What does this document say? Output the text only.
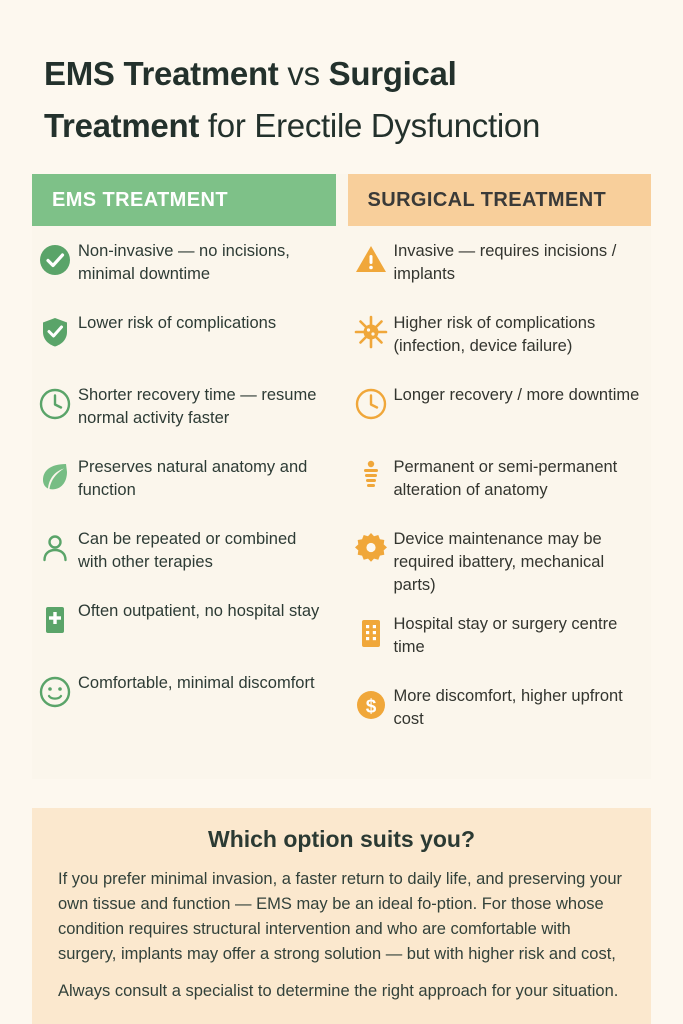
EMS Treatment vs Surgical
Treatment for Erectile Dysfunction
EMS TREATMENT	SURGICAL TREATMENT
Non-invasive — no incisions, minimal downtime
Lower risk of complications
Shorter recovery time — resume normal activity faster
Preserves natural anatomy and function
Can be repeated or combined with other terapies
Often outpatient, no hospital stay
Comfortable, minimal discomfort
Invasive — requires incisions / implants
Higher risk of complications (infection, device failure)
Longer recovery / more downtime
Permanent or semi-permanent alteration of anatomy
Device maintenance may be required ibattery, mechanical parts)
Hospital stay or surgery centre time
$
More discomfort, higher upfront cost
Which option suits you?

If you prefer minimal invasion, a faster return to daily life, and preserving your own tissue and function — EMS may be an ideal fo-ption. For those whose condition requires structural intervention and who are comfortable with surgery, implants may offer a strong solution — but with higher risk and cost,

Always consult a specialist to determine the right approach for your situation.
